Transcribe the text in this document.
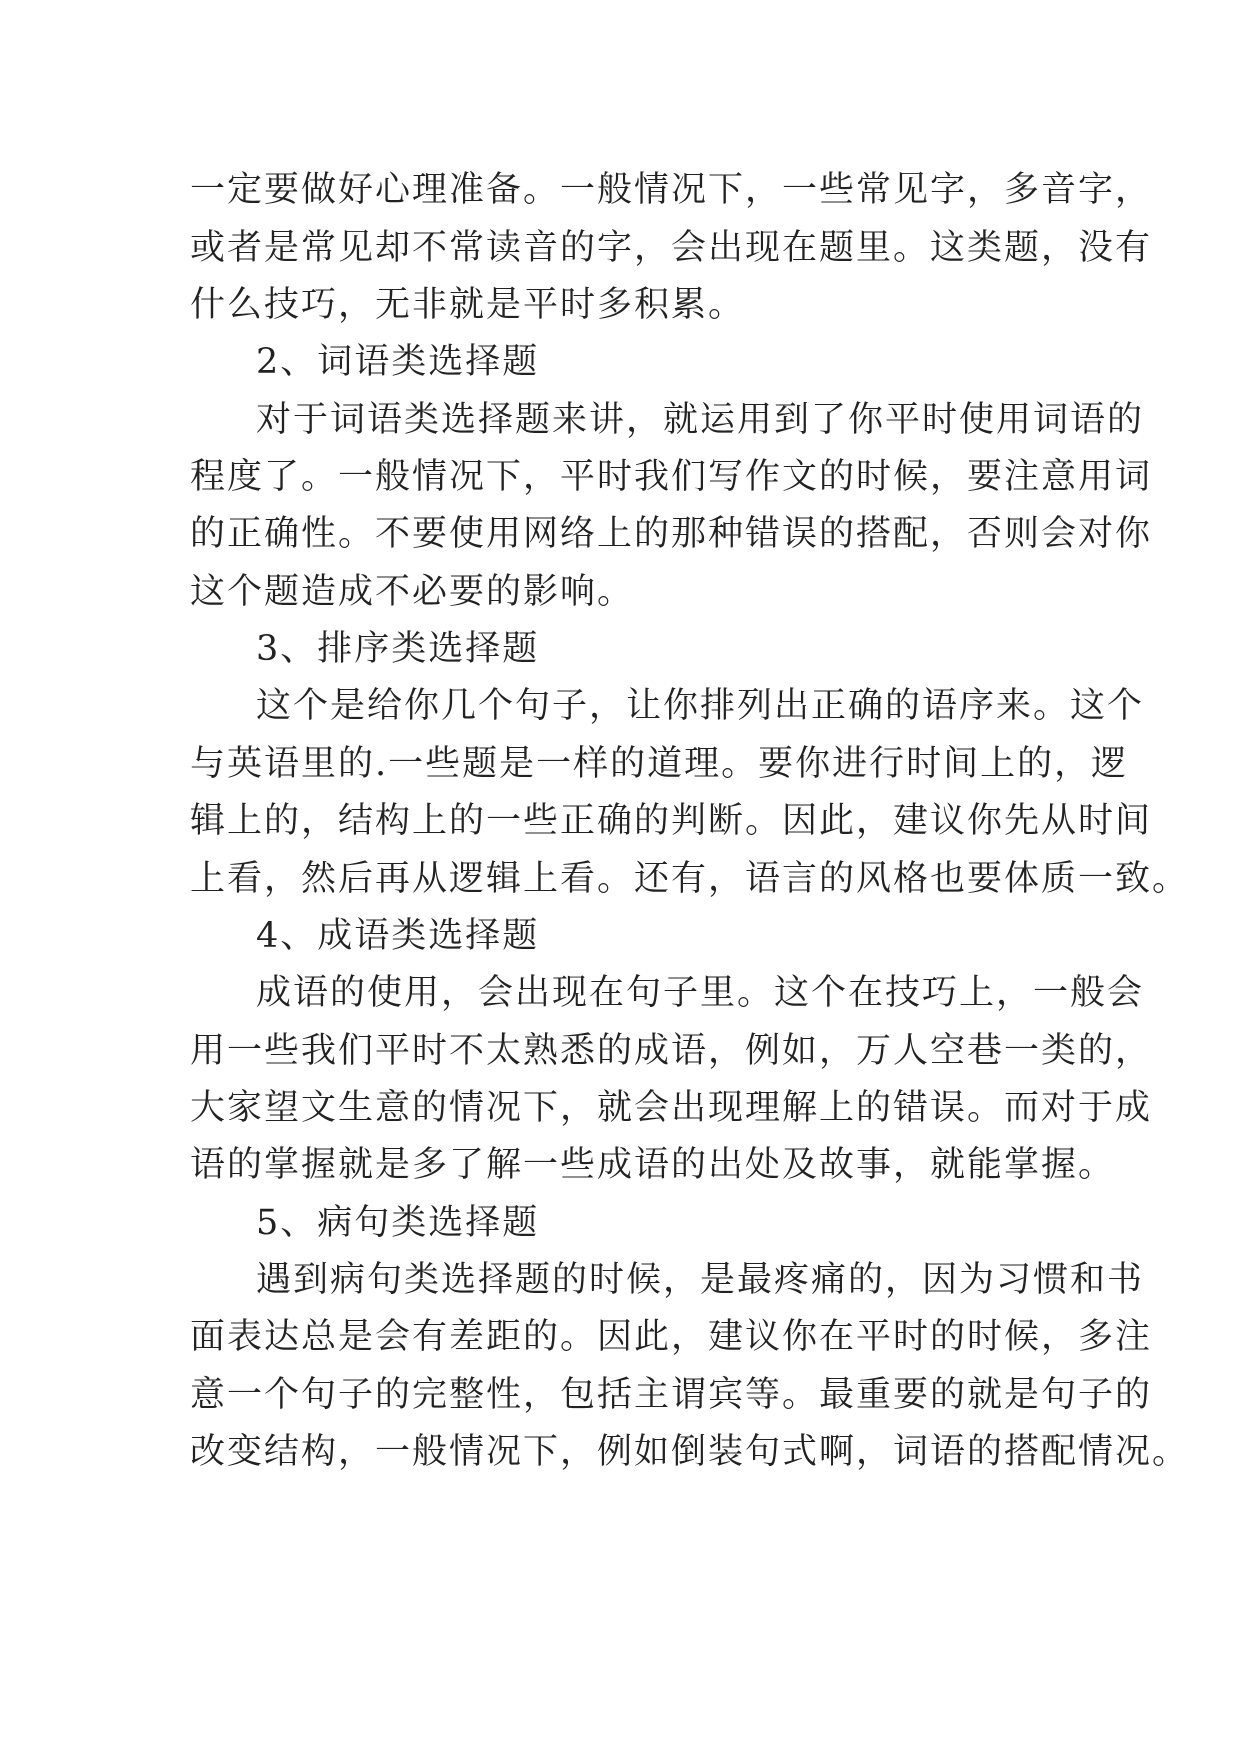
一定要做好心理准备。一般情况下，一些常见字，多音字，
或者是常见却不常读音的字，会出现在题里。这类题，没有
什么技巧，无非就是平时多积累。
2、词语类选择题
对于词语类选择题来讲，就运用到了你平时使用词语的
程度了。一般情况下，平时我们写作文的时候，要注意用词
的正确性。不要使用网络上的那种错误的搭配，否则会对你
这个题造成不必要的影响。
3、排序类选择题
这个是给你几个句子，让你排列出正确的语序来。这个
与英语里的.一些题是一样的道理。要你进行时间上的，逻
辑上的，结构上的一些正确的判断。因此，建议你先从时间
上看，然后再从逻辑上看。还有，语言的风格也要体质一致。
4、成语类选择题
成语的使用，会出现在句子里。这个在技巧上，一般会
用一些我们平时不太熟悉的成语，例如，万人空巷一类的，
大家望文生意的情况下，就会出现理解上的错误。而对于成
语的掌握就是多了解一些成语的出处及故事，就能掌握。
5、病句类选择题
遇到病句类选择题的时候，是最疼痛的，因为习惯和书
面表达总是会有差距的。因此，建议你在平时的时候，多注
意一个句子的完整性，包括主谓宾等。最重要的就是句子的
改变结构，一般情况下，例如倒装句式啊，词语的搭配情况。
